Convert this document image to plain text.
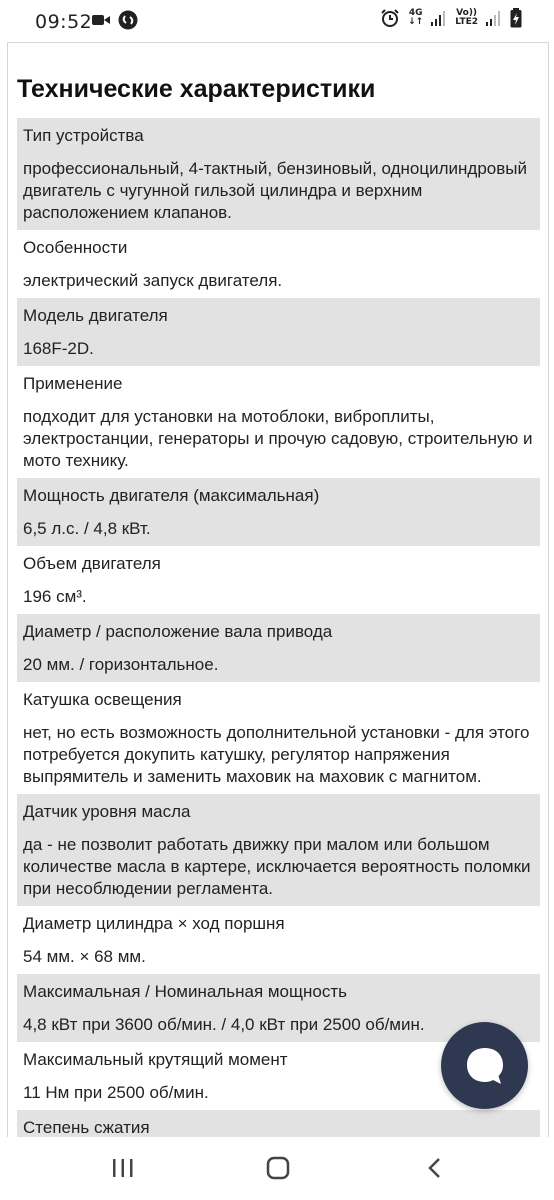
09:52	4G
↓↑
Vo))
LTE2
Технические характеристики
Тип устройства
профессиональный, 4-тактный, бензиновый, одноцилиндровый двигатель с чугунной гильзой цилиндра и верхним расположением клапанов.
Особенности
электрический запуск двигателя.
Модель двигателя
168F-2D.
Применение
подходит для установки на мотоблоки, виброплиты, электростанции, генераторы и прочую садовую, строительную и мото технику.
Мощность двигателя (максимальная)
6,5 л.с. / 4,8 кВт.
Объем двигателя
196 см³.
Диаметр / расположение вала привода
20 мм. / горизонтальное.
Катушка освещения
нет, но есть возможность дополнительной установки - для этого потребуется докупить катушку, регулятор напряжения выпрямитель и заменить маховик на маховик с магнитом.
Датчик уровня масла
да - не позволит работать движку при малом или большом количестве масла в картере, исключается вероятность поломки при несоблюдении регламента.
Диаметр цилиндра × ход поршня
54 мм. × 68 мм.
Максимальная / Номинальная мощность
4,8 кВт при 3600 об/мин. / 4,0 кВт при 2500 об/мин.
Максимальный крутящий момент
11 Нм при 2500 об/мин.
Степень сжатия
